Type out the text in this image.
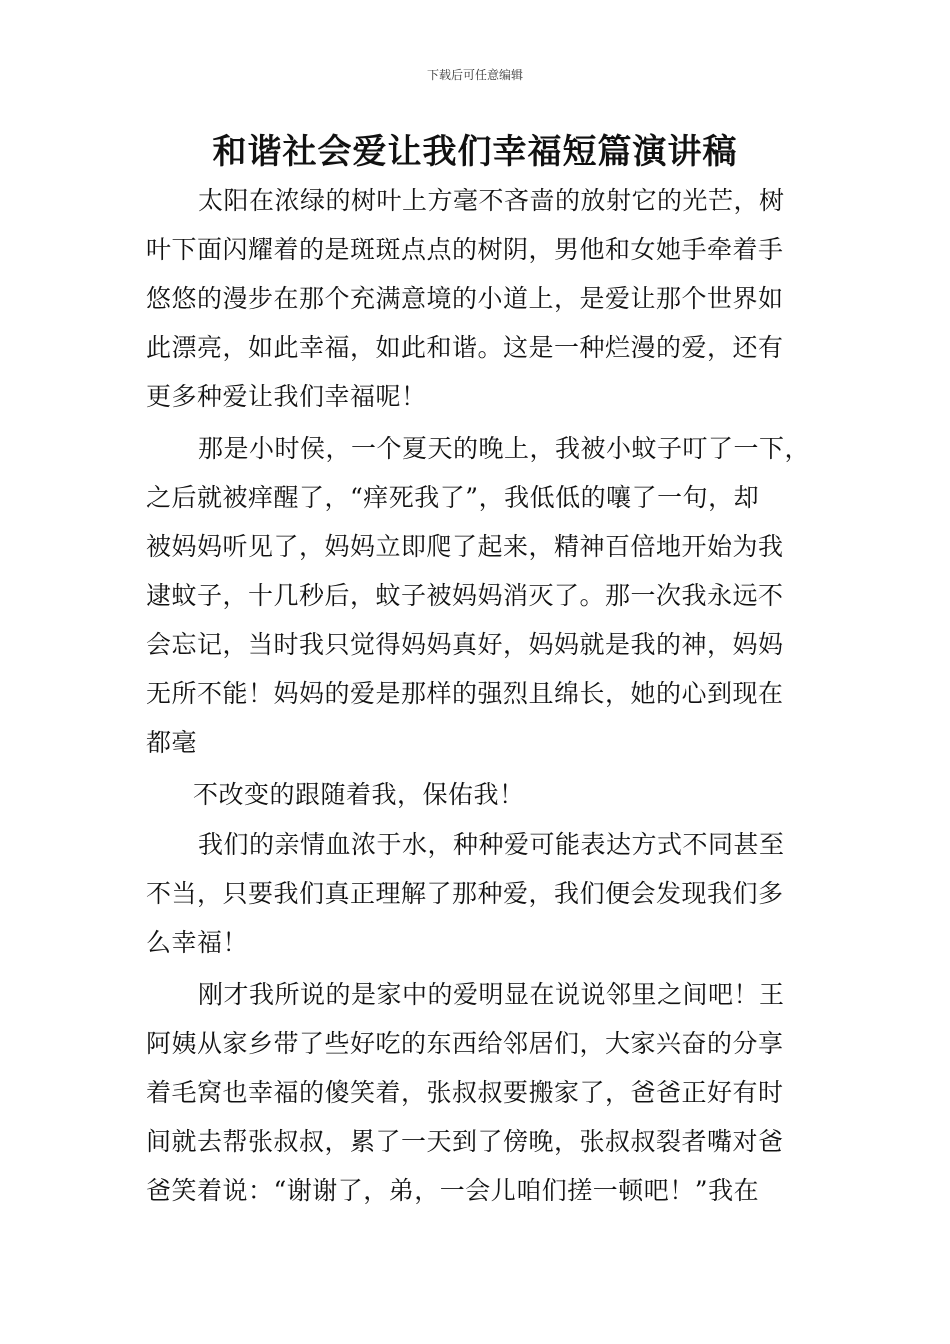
下载后可任意编辑
和谐社会爱让我们幸福短篇演讲稿
太阳在浓绿的树叶上方毫不吝啬的放射它的光芒，树
叶下面闪耀着的是斑斑点点的树阴，男他和女她手牵着手
悠悠的漫步在那个充满意境的小道上，是爱让那个世界如
此漂亮，如此幸福，如此和谐。这是一种烂漫的爱，还有
更多种爱让我们幸福呢！
那是小时侯，一个夏天的晚上，我被小蚊子叮了一下，
之后就被痒醒了，“痒死我了”，我低低的嚷了一句，却
被妈妈听见了，妈妈立即爬了起来，精神百倍地开始为我
逮蚊子，十几秒后，蚊子被妈妈消灭了。那一次我永远不
会忘记，当时我只觉得妈妈真好，妈妈就是我的神，妈妈
无所不能！妈妈的爱是那样的强烈且绵长，她的心到现在
都毫
不改变的跟随着我，保佑我！
我们的亲情血浓于水，种种爱可能表达方式不同甚至
不当，只要我们真正理解了那种爱，我们便会发现我们多
么幸福！
刚才我所说的是家中的爱明显在说说邻里之间吧！王
阿姨从家乡带了些好吃的东西给邻居们，大家兴奋的分享
着毛窝也幸福的傻笑着，张叔叔要搬家了，爸爸正好有时
间就去帮张叔叔，累了一天到了傍晚，张叔叔裂者嘴对爸
爸笑着说：“谢谢了，弟，一会儿咱们搓一顿吧！”我在
